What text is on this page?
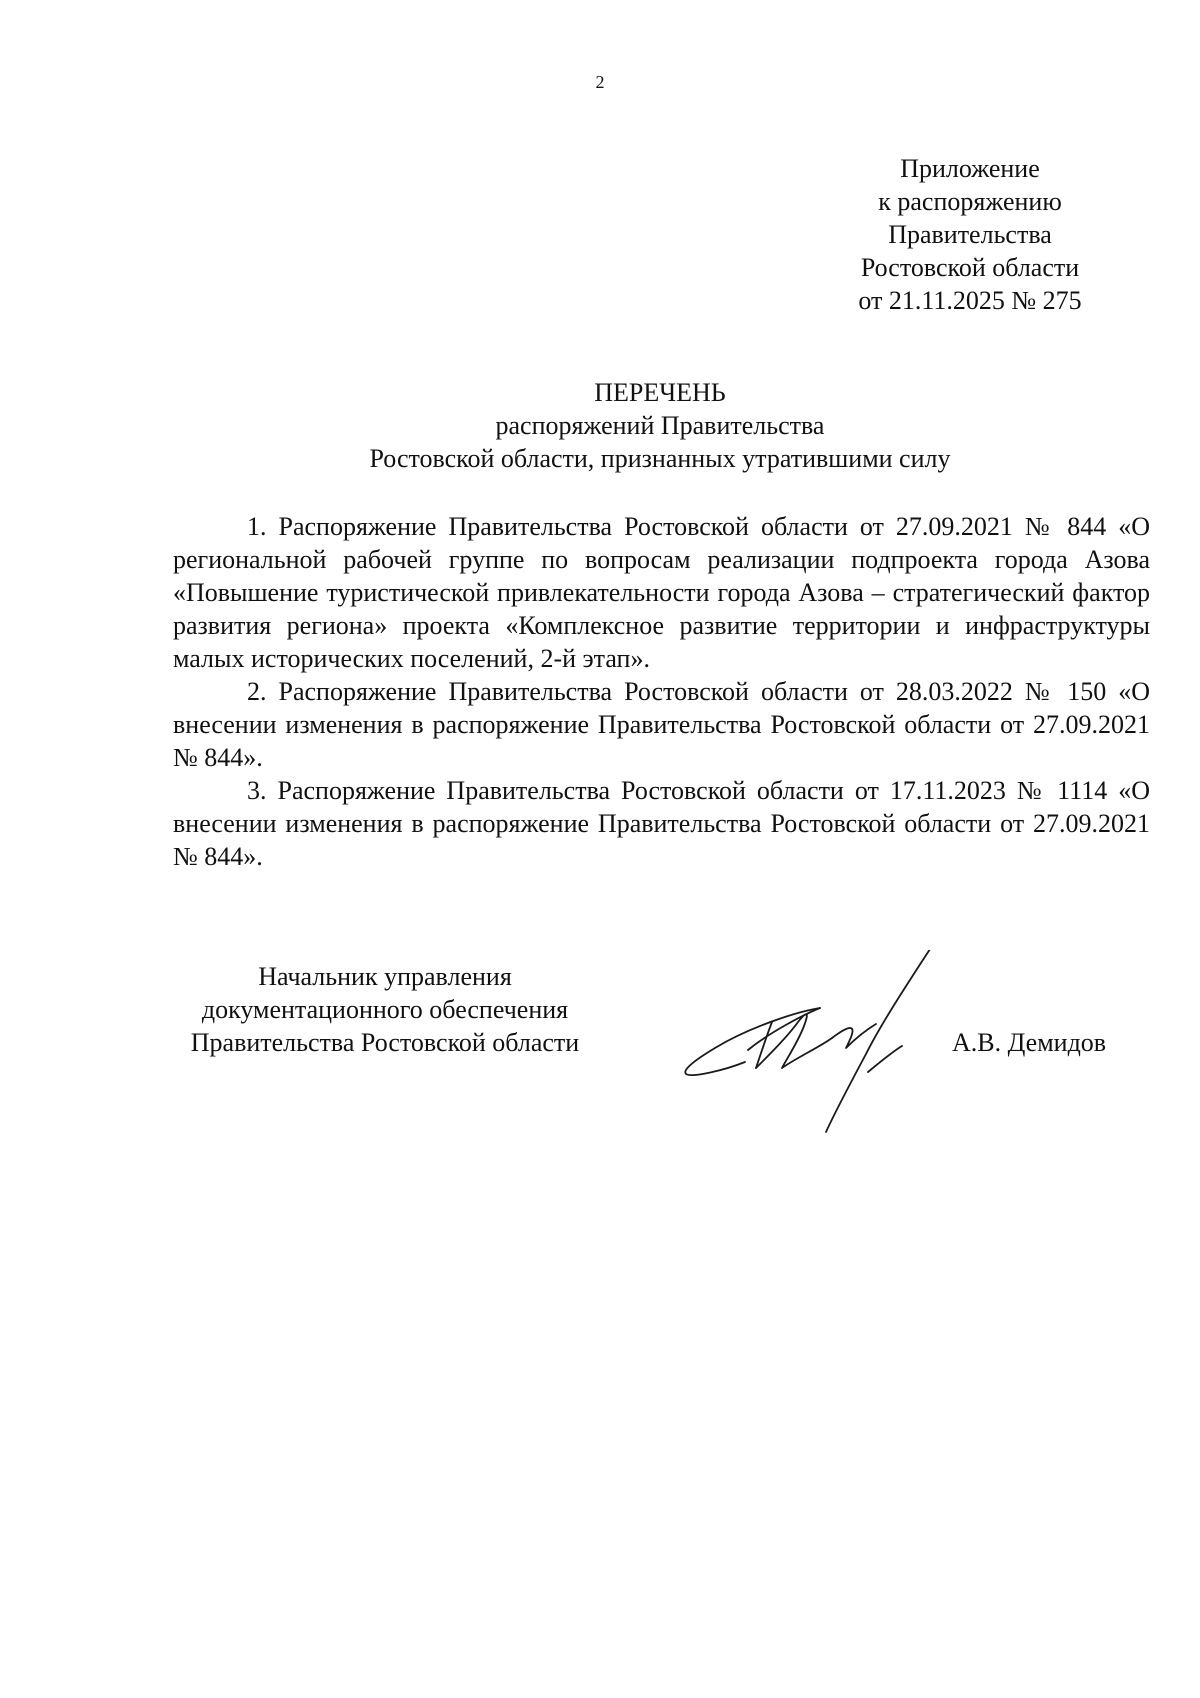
2
Приложение
к распоряжению
Правительства
Ростовской области
от 21.11.2025 № 275
ПЕРЕЧЕНЬ
распоряжений Правительства
Ростовской области, признанных утратившими силу

1. Распоряжение Правительства Ростовской области от 27.09.2021 № 844 «О региональной рабочей группе по вопросам реализации подпроекта города Азова «Повышение туристической привлекательности города Азова – стратегический фактор развития региона» проекта «Комплексное развитие территории и инфраструктуры малых исторических поселений, 2-й этап».

2. Распоряжение Правительства Ростовской области от 28.03.2022 № 150 «О внесении изменения в распоряжение Правительства Ростовской области от 27.09.2021 № 844».

3. Распоряжение Правительства Ростовской области от 17.11.2023 № 1114 «О внесении изменения в распоряжение Правительства Ростовской области от 27.09.2021 № 844».

Начальник управления
документационного обеспечения
Правительства Ростовской области	А.В. Демидов
